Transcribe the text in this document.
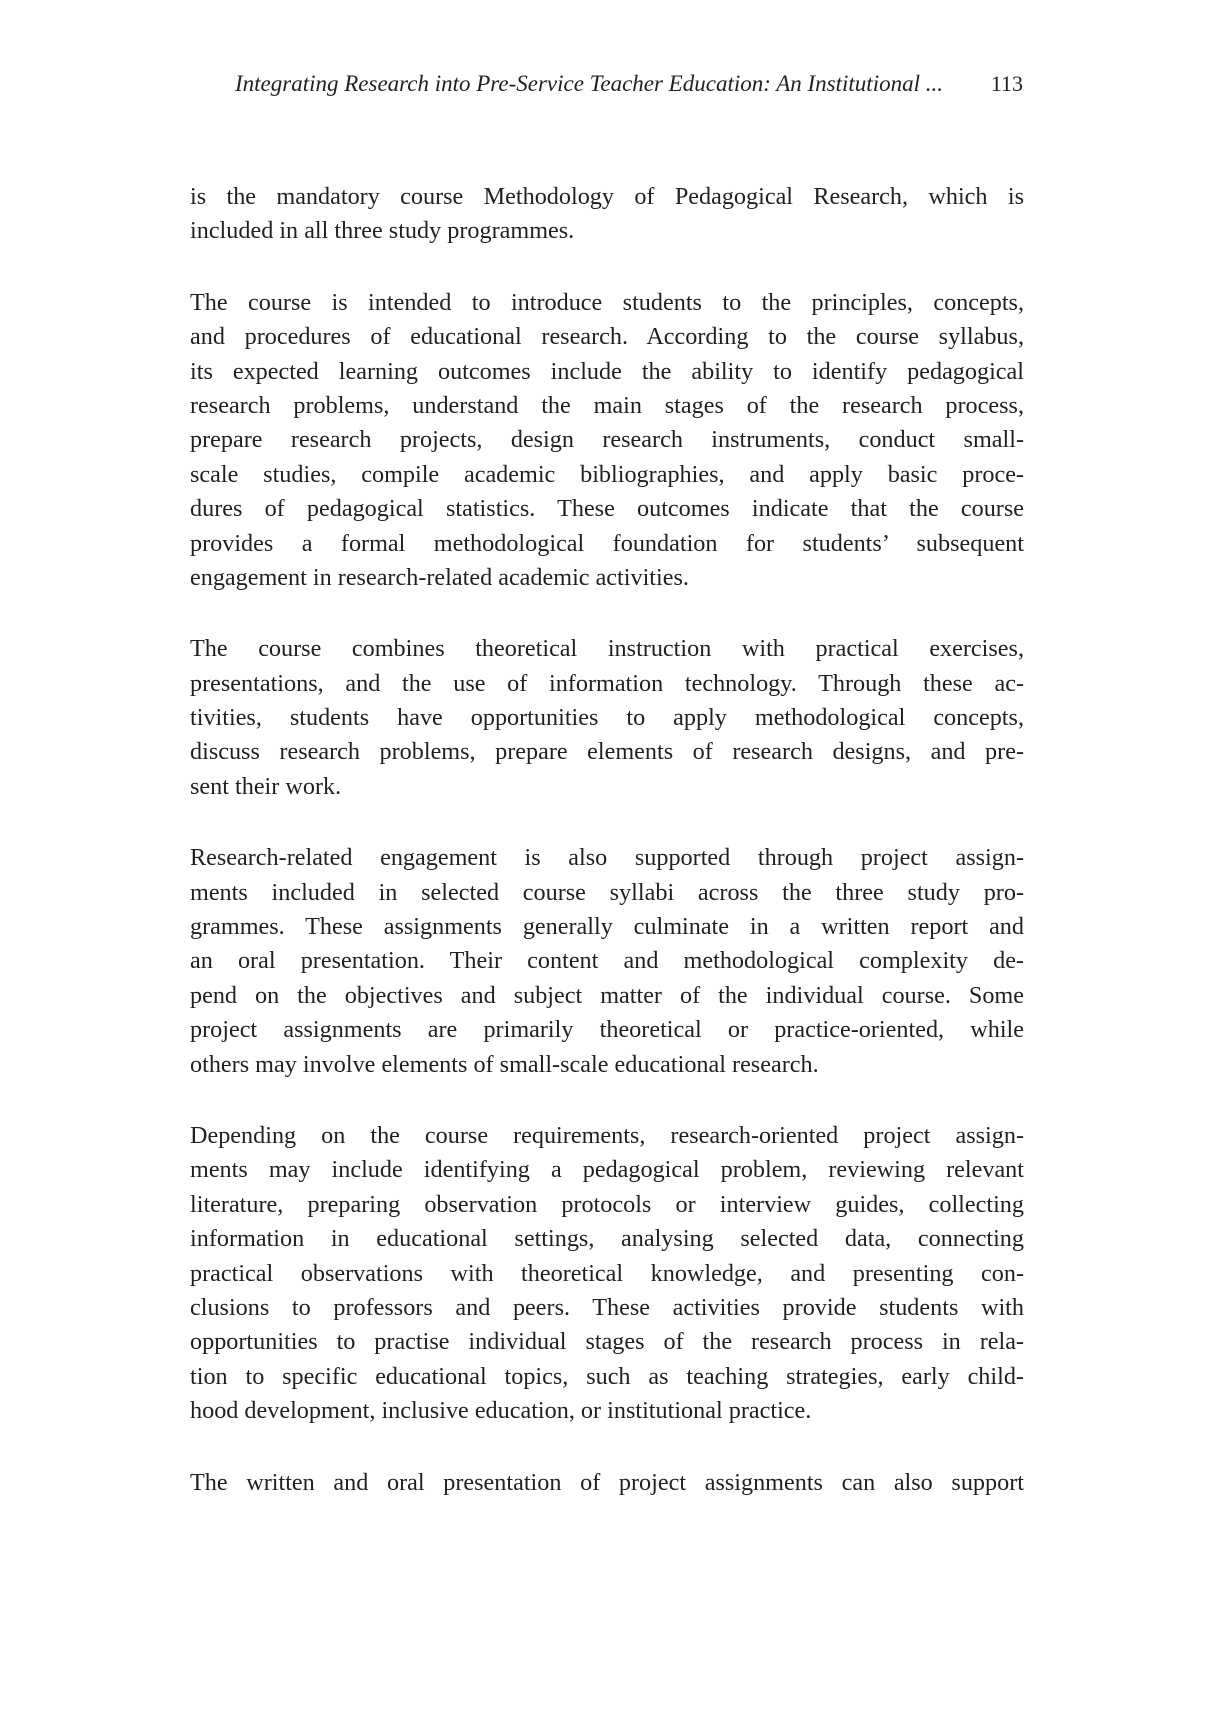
Integrating Research into Pre-Service Teacher Education: An Institutional ...	113

is the mandatory course Methodology of Pedagogical Research, which is
included in all three study programmes.

The course is intended to introduce students to the principles, concepts,
and procedures of educational research. According to the course syllabus,
its expected learning outcomes include the ability to identify pedagogical
research problems, understand the main stages of the research process,
prepare research projects, design research instruments, conduct small-
scale studies, compile academic bibliographies, and apply basic proce-
dures of pedagogical statistics. These outcomes indicate that the course
provides a formal methodological foundation for students’ subsequent
engagement in research-related academic activities.

The course combines theoretical instruction with practical exercises,
presentations, and the use of information technology. Through these ac-
tivities, students have opportunities to apply methodological concepts,
discuss research problems, prepare elements of research designs, and pre-
sent their work.

Research-related engagement is also supported through project assign-
ments included in selected course syllabi across the three study pro-
grammes. These assignments generally culminate in a written report and
an oral presentation. Their content and methodological complexity de-
pend on the objectives and subject matter of the individual course. Some
project assignments are primarily theoretical or practice-oriented, while
others may involve elements of small-scale educational research.

Depending on the course requirements, research-oriented project assign-
ments may include identifying a pedagogical problem, reviewing relevant
literature, preparing observation protocols or interview guides, collecting
information in educational settings, analysing selected data, connecting
practical observations with theoretical knowledge, and presenting con-
clusions to professors and peers. These activities provide students with
opportunities to practise individual stages of the research process in rela-
tion to specific educational topics, such as teaching strategies, early child-
hood development, inclusive education, or institutional practice.

The written and oral presentation of project assignments can also support
